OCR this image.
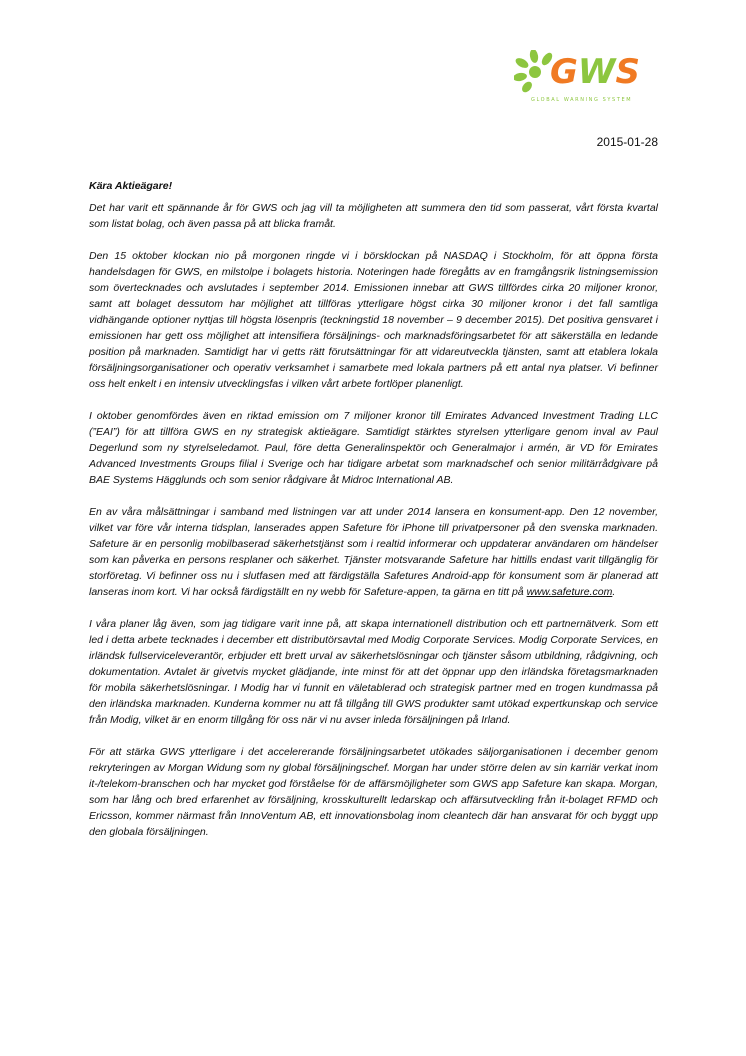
GWS
GLOBAL WARNING SYSTEM
2015-01-28

Kära Aktieägare!

Det har varit ett spännande år för GWS och jag vill ta möjligheten att summera den tid som passerat, vårt första kvartal som listat bolag, och även passa på att blicka framåt.

Den 15 oktober klockan nio på morgonen ringde vi i börsklockan på NASDAQ i Stockholm, för att öppna första handelsdagen för GWS, en milstolpe i bolagets historia. Noteringen hade föregåtts av en framgångsrik listningsemission som övertecknades och avslutades i september 2014. Emissionen innebar att GWS tillfördes cirka 20 miljoner kronor, samt att bolaget dessutom har möjlighet att tillföras ytterligare högst cirka 30 miljoner kronor i det fall samtliga vidhängande optioner nyttjas till högsta lösenpris (teckningstid 18 november – 9 december 2015). Det positiva gensvaret i emissionen har gett oss möjlighet att intensifiera försäljnings- och marknadsföringsarbetet för att säkerställa en ledande position på marknaden. Samtidigt har vi getts rätt förutsättningar för att vidareutveckla tjänsten, samt att etablera lokala försäljningsorganisationer och operativ verksamhet i samarbete med lokala partners på ett antal nya platser. Vi befinner oss helt enkelt i en intensiv utvecklingsfas i vilken vårt arbete fortlöper planenligt.

I oktober genomfördes även en riktad emission om 7 miljoner kronor till Emirates Advanced Investment Trading LLC (”EAI”) för att tillföra GWS en ny strategisk aktieägare. Samtidigt stärktes styrelsen ytterligare genom inval av Paul Degerlund som ny styrelseledamot. Paul, före detta Generalinspektör och Generalmajor i armén, är VD för Emirates Advanced Investments Groups filial i Sverige och har tidigare arbetat som marknadschef och senior militärrådgivare på BAE Systems Hägglunds och som senior rådgivare åt Midroc International AB.

En av våra målsättningar i samband med listningen var att under 2014 lansera en konsument-app. Den 12 november, vilket var före vår interna tidsplan, lanserades appen Safeture för iPhone till privatpersoner på den svenska marknaden. Safeture är en personlig mobilbaserad säkerhetstjänst som i realtid informerar och uppdaterar användaren om händelser som kan påverka en persons resplaner och säkerhet. Tjänster motsvarande Safeture har hittills endast varit tillgänglig för storföretag. Vi befinner oss nu i slutfasen med att färdigställa Safetures Android-app för konsument som är planerad att lanseras inom kort. Vi har också färdigställt en ny webb för Safeture-appen, ta gärna en titt på www.safeture.com.

I våra planer låg även, som jag tidigare varit inne på, att skapa internationell distribution och ett partnernätverk. Som ett led i detta arbete tecknades i december ett distributörsavtal med Modig Corporate Services. Modig Corporate Services, en irländsk fullserviceleverantör, erbjuder ett brett urval av säkerhetslösningar och tjänster såsom utbildning, rådgivning, och dokumentation. Avtalet är givetvis mycket glädjande, inte minst för att det öppnar upp den irländska företagsmarknaden för mobila säkerhetslösningar. I Modig har vi funnit en väletablerad och strategisk partner med en trogen kundmassa på den irländska marknaden. Kunderna kommer nu att få tillgång till GWS produkter samt utökad expertkunskap och service från Modig, vilket är en enorm tillgång för oss när vi nu avser inleda försäljningen på Irland.

För att stärka GWS ytterligare i det accelererande försäljningsarbetet utökades säljorganisationen i december genom rekryteringen av Morgan Widung som ny global försäljningschef. Morgan har under större delen av sin karriär verkat inom it-/telekom-branschen och har mycket god förståelse för de affärsmöjligheter som GWS app Safeture kan skapa. Morgan, som har lång och bred erfarenhet av försäljning, krosskulturellt ledarskap och affärsutveckling från it-bolaget RFMD och Ericsson, kommer närmast från InnoVentum AB, ett innovationsbolag inom cleantech där han ansvarat för och byggt upp den globala försäljningen.
